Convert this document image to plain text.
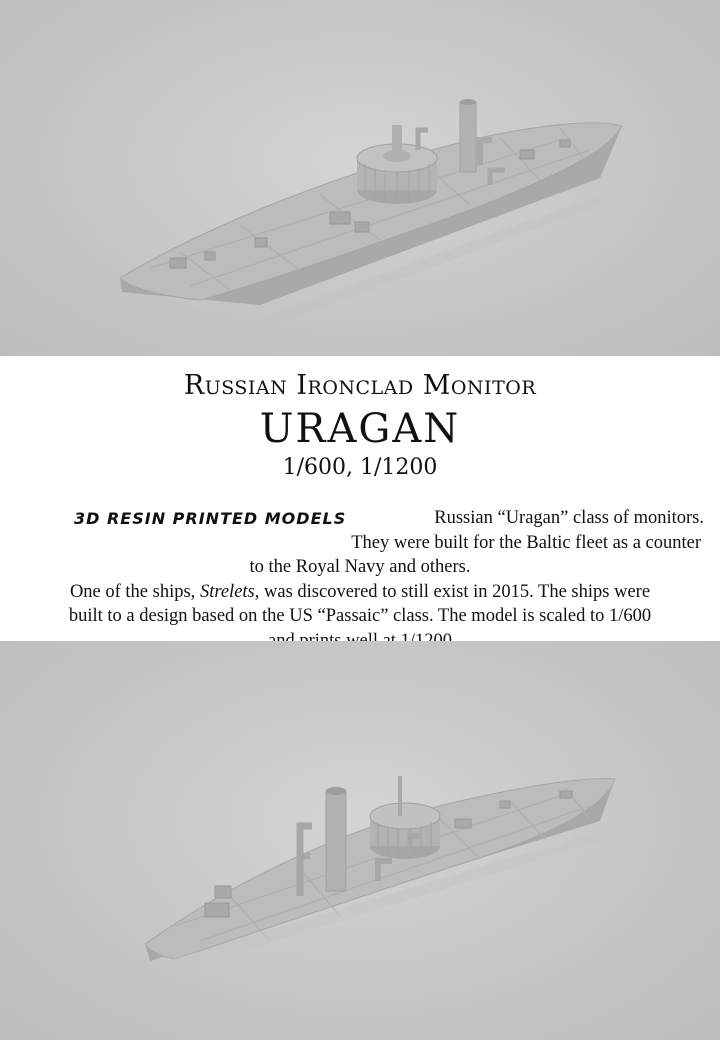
Russian Ironclad Monitor
URAGAN
1/600, 1/1200
3D RESIN PRINTED MODELS	Russian “Uragan” class of monitors.
They were built for the Baltic fleet as a counter to the Royal Navy and others.
One of the ships, Strelets, was discovered to still exist in 2015. The ships were
built to a design based on the US “Passaic” class. The model is scaled to 1/600
